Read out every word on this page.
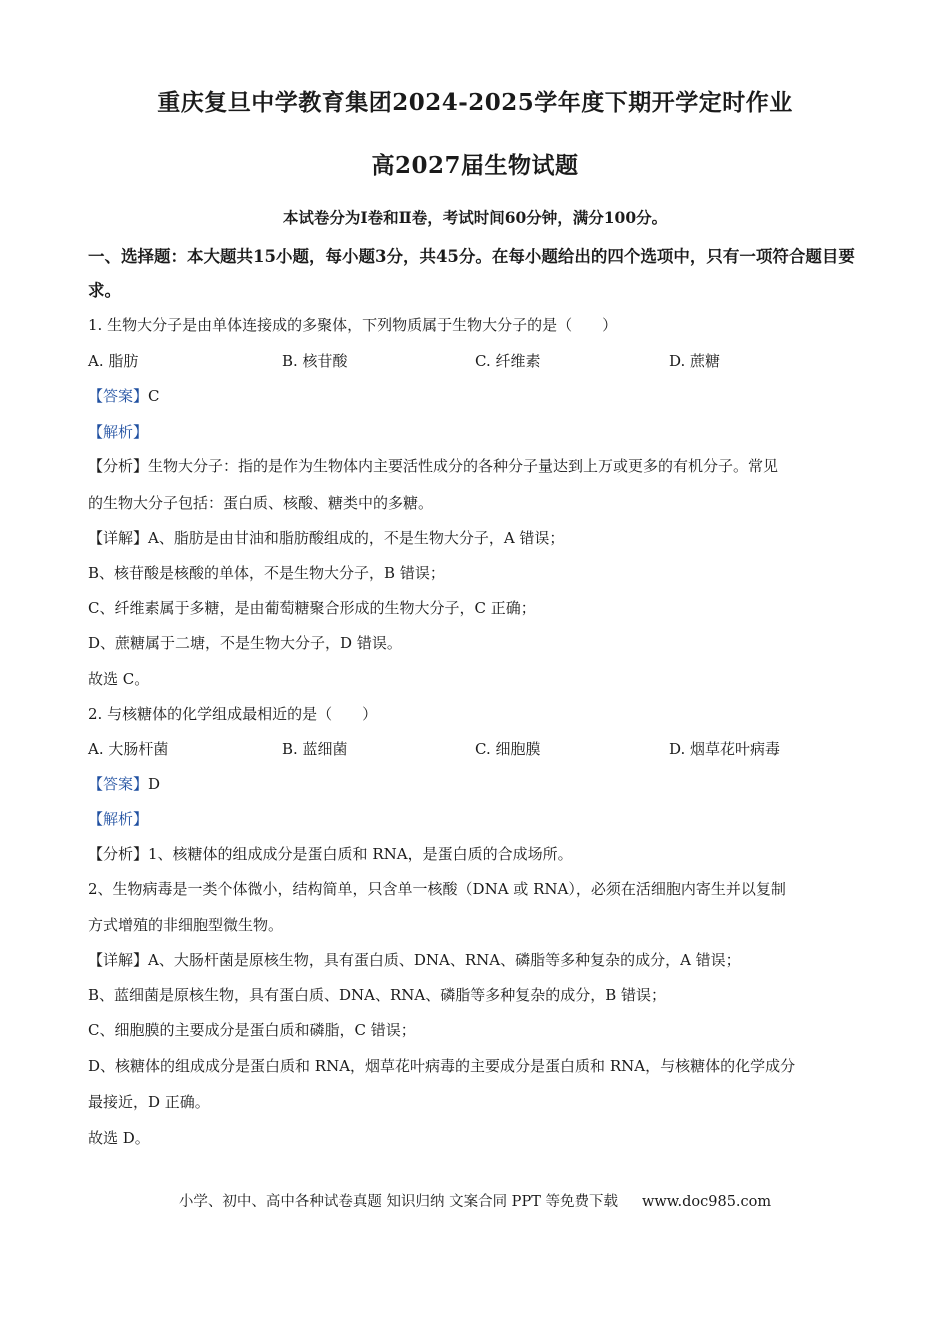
重庆复旦中学教育集团2024-2025学年度下期开学定时作业
高2027届生物试题
本试卷分为Ⅰ卷和Ⅱ卷，考试时间60分钟，满分100分。
一、选择题：本大题共15小题，每小题3分，共45分。在每小题给出的四个选项中，只有一项符合题目要求。
1. 生物大分子是由单体连接成的多聚体，下列物质属于生物大分子的是（　　）
A. 脂肪	B. 核苷酸	C. 纤维素	D. 蔗糖
【答案】C
【解析】
【分析】生物大分子：指的是作为生物体内主要活性成分的各种分子量达到上万或更多的有机分子。常见
的生物大分子包括：蛋白质、核酸、糖类中的多糖。
【详解】A、脂肪是由甘油和脂肪酸组成的，不是生物大分子，A 错误；
B、核苷酸是核酸的单体，不是生物大分子，B 错误；
C、纤维素属于多糖，是由葡萄糖聚合形成的生物大分子，C 正确；
D、蔗糖属于二塘，不是生物大分子，D 错误。
故选 C。
2. 与核糖体的化学组成最相近的是（　　）
A. 大肠杆菌	B. 蓝细菌	C. 细胞膜	D. 烟草花叶病毒
【答案】D
【解析】
【分析】1、核糖体的组成成分是蛋白质和 RNA，是蛋白质的合成场所。
2、生物病毒是一类个体微小，结构简单，只含单一核酸（DNA 或 RNA），必须在活细胞内寄生并以复制
方式增殖的非细胞型微生物。
【详解】A、大肠杆菌是原核生物，具有蛋白质、DNA、RNA、磷脂等多种复杂的成分，A 错误；
B、蓝细菌是原核生物，具有蛋白质、DNA、RNA、磷脂等多种复杂的成分，B 错误；
C、细胞膜的主要成分是蛋白质和磷脂，C 错误；
D、核糖体的组成成分是蛋白质和 RNA，烟草花叶病毒的主要成分是蛋白质和 RNA，与核糖体的化学成分
最接近，D 正确。
故选 D。
小学、初中、高中各种试卷真题 知识归纳 文案合同 PPT 等免费下载 www.doc985.com
